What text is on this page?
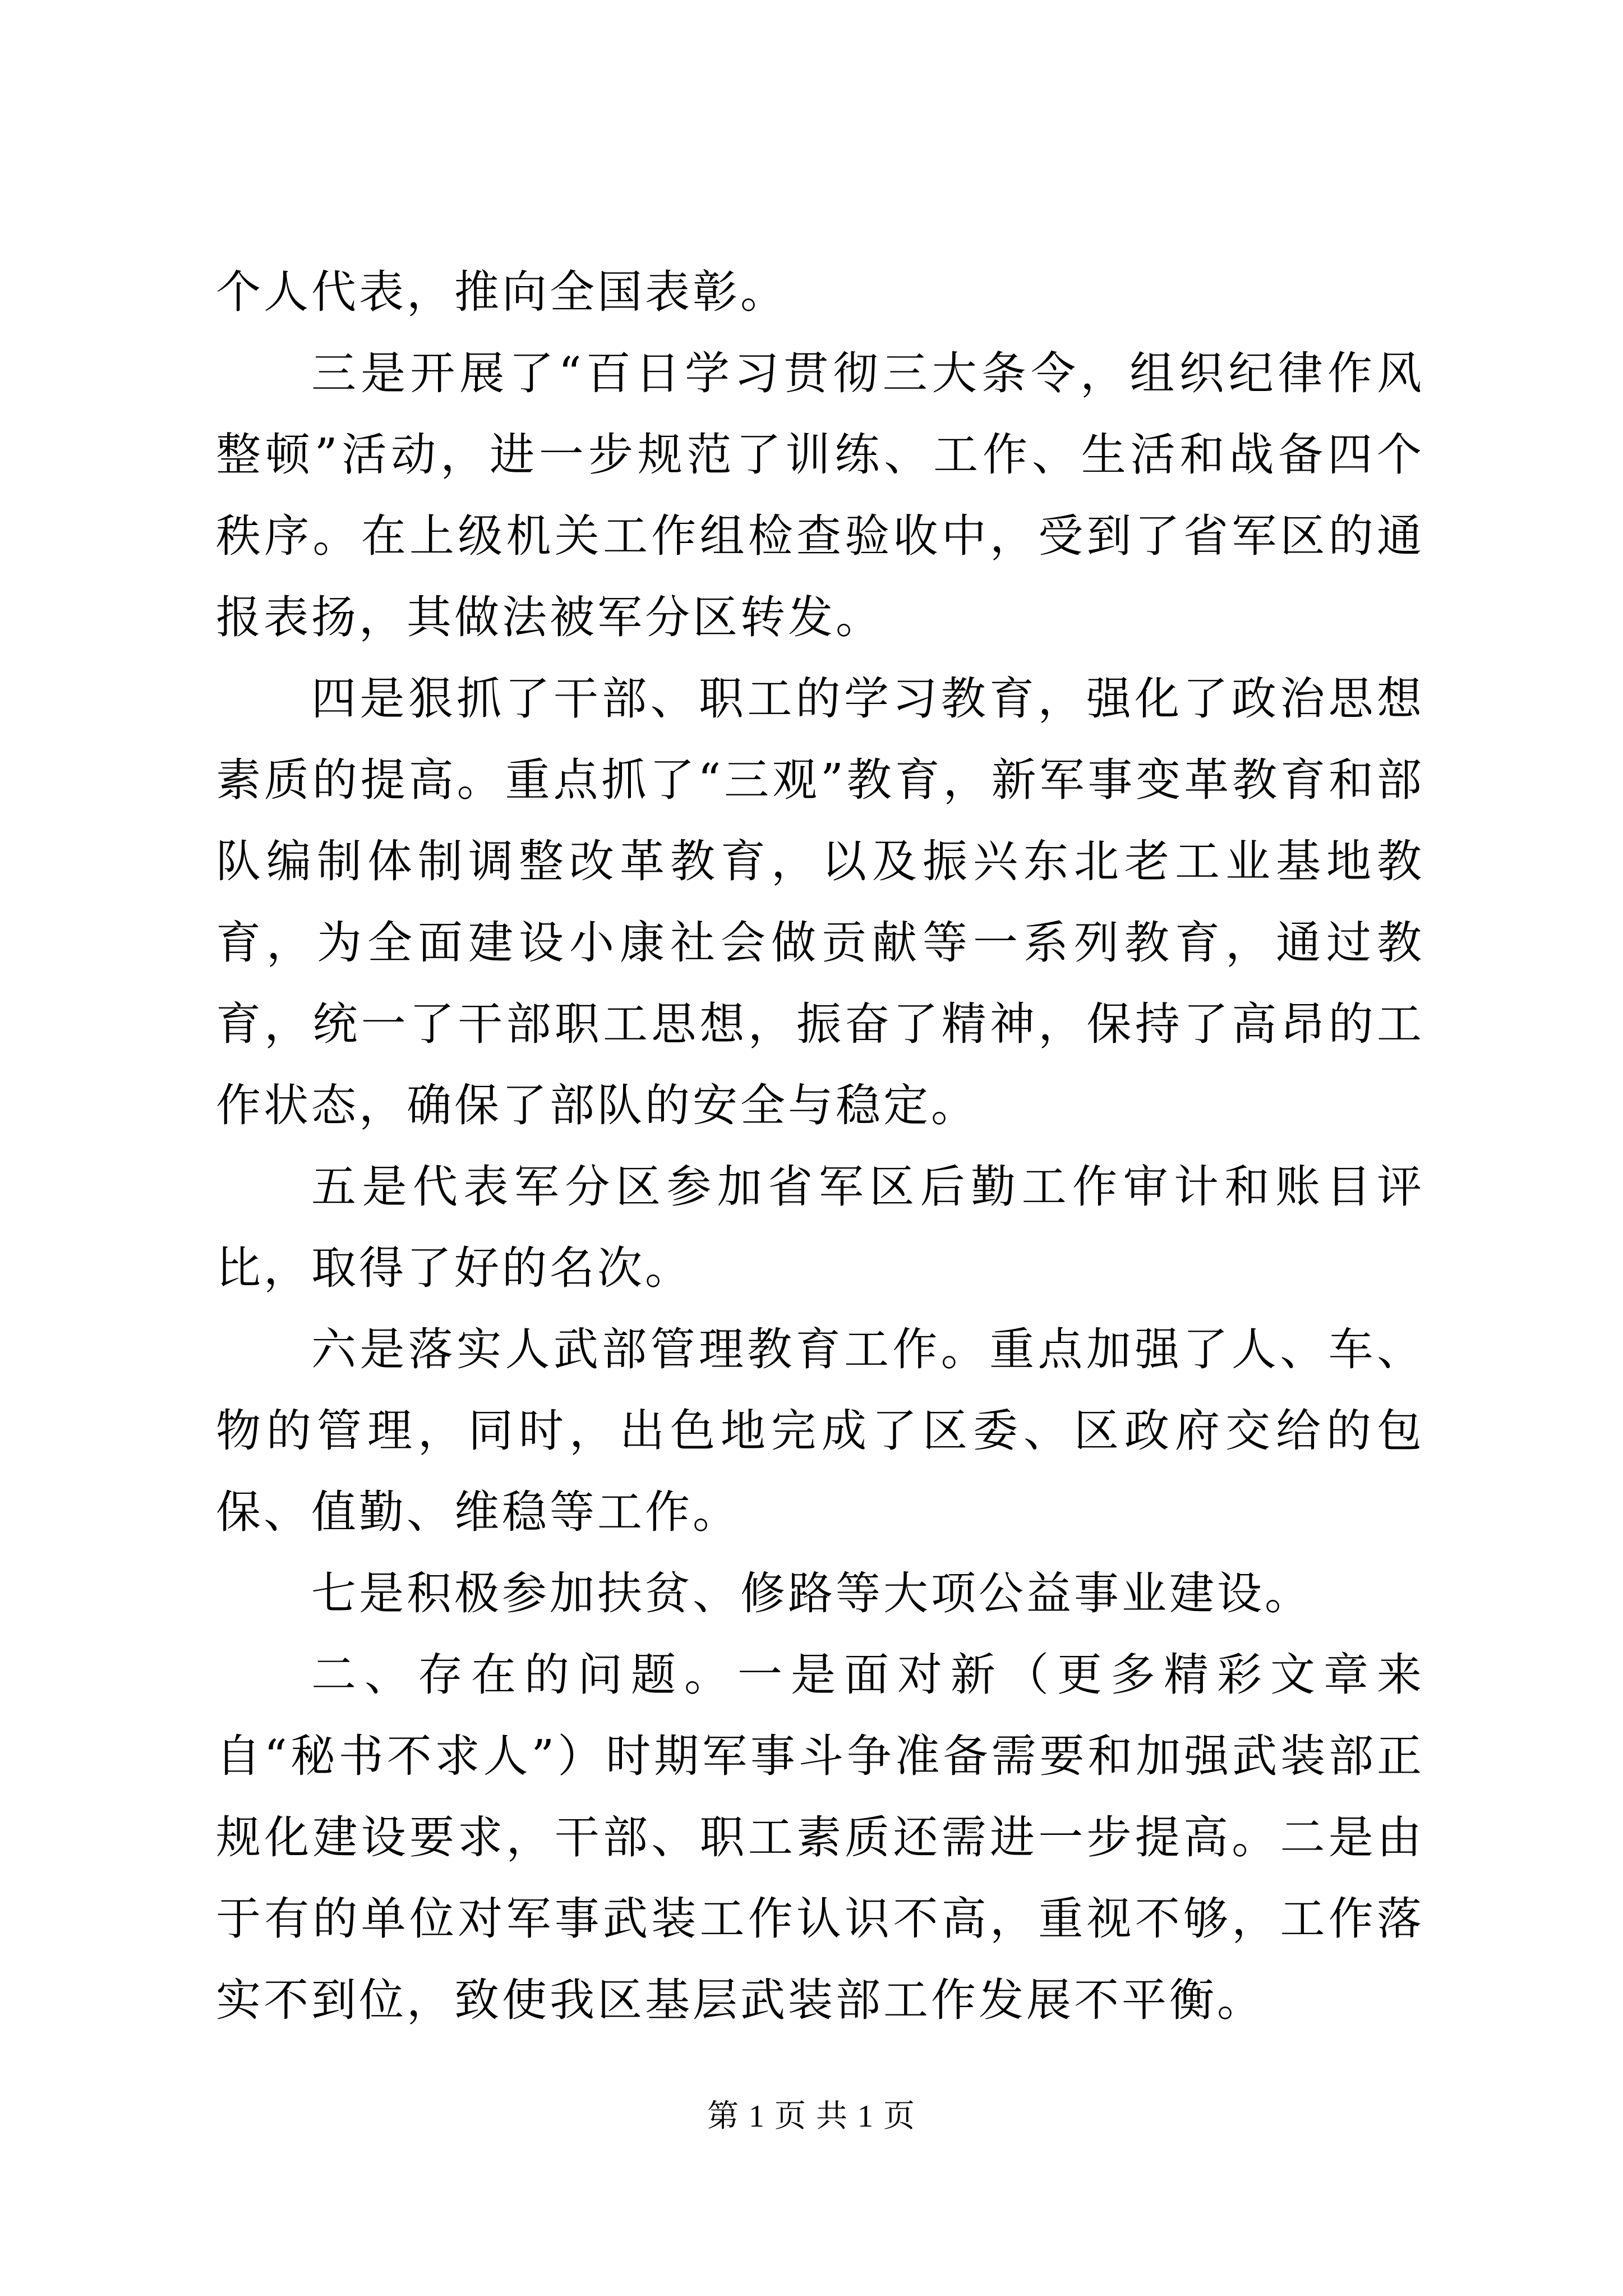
个人代表，推向全国表彰。

三是开展了“百日学习贯彻三大条令，组织纪律作风整顿”活动，进一步规范了训练、工作、生活和战备四个秩序。在上级机关工作组检查验收中，受到了省军区的通报表扬，其做法被军分区转发。

四是狠抓了干部、职工的学习教育，强化了政治思想素质的提高。重点抓了“三观”教育，新军事变革教育和部队编制体制调整改革教育，以及振兴东北老工业基地教育，为全面建设小康社会做贡献等一系列教育，通过教育，统一了干部职工思想，振奋了精神，保持了高昂的工作状态，确保了部队的安全与稳定。

五是代表军分区参加省军区后勤工作审计和账目评比，取得了好的名次。

六是落实人武部管理教育工作。重点加强了人、车、物的管理，同时，出色地完成了区委、区政府交给的包保、值勤、维稳等工作。

七是积极参加扶贫、修路等大项公益事业建设。

二、存在的问题。一是面对新（更多精彩文章来自“秘书不求人”）时期军事斗争准备需要和加强武装部正规化建设要求，干部、职工素质还需进一步提高。二是由于有的单位对军事武装工作认识不高，重视不够，工作落实不到位，致使我区基层武装部工作发展不平衡。

第 1 页 共 1 页
